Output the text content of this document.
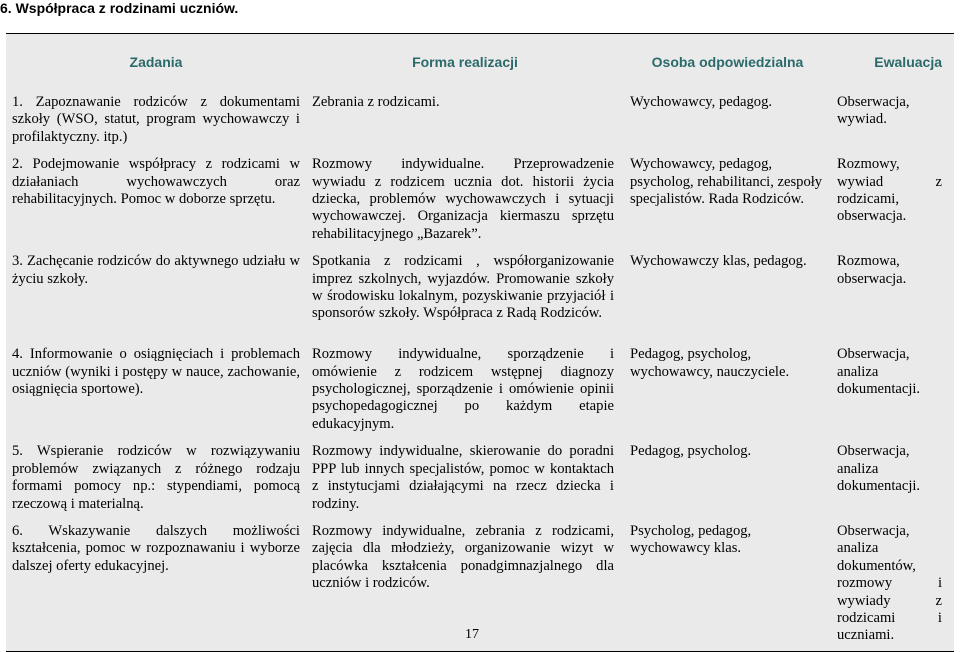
6. Współpraca z rodzinami uczniów.
Zadania	Forma realizacji	Osoba odpowiedzialna	Ewaluacja

1. Zapoznawanie rodziców z dokumentami szkoły (WSO, statut, program wychowawczy i profilaktyczny. itp.)	Zebrania z rodzicami.	Wychowawcy, pedagog.	Obserwacja, wywiad.

2. Podejmowanie współpracy z rodzicami w działaniach wychowawczych oraz rehabilitacyjnych. Pomoc w doborze sprzętu.	Rozmowy indywidualne. Przeprowadzenie wywiadu z rodzicem ucznia dot. historii życia dziecka, problemów wychowawczych i sytuacji wychowawczej. Organizacja kiermaszu sprzętu rehabilitacyjnego „Bazarek”.	Wychowawcy, pedagog, psycholog, rehabilitanci, zespoły specjalistów. Rada Rodziców.	Rozmowy, wywiad z rodzicami, obserwacja.

3. Zachęcanie rodziców do aktywnego udziału w życiu szkoły.	Spotkania z rodzicami , współorganizowanie imprez szkolnych, wyjazdów. Promowanie szkoły w środowisku lokalnym, pozyskiwanie przyjaciół i sponsorów szkoły. Współpraca z Radą Rodziców.	Wychowawczy klas, pedagog.	Rozmowa, obserwacja.

4. Informowanie o osiągnięciach i problemach uczniów (wyniki i postępy w nauce, zachowanie, osiągnięcia sportowe).	Rozmowy indywidualne, sporządzenie i omówienie z rodzicem wstępnej diagnozy psychologicznej, sporządzenie i omówienie opinii psychopedagogicznej po każdym etapie edukacyjnym.	Pedagog, psycholog, wychowawcy, nauczyciele.	Obserwacja, analiza dokumentacji.

5. Wspieranie rodziców w rozwiązywaniu problemów związanych z różnego rodzaju formami pomocy np.: stypendiami, pomocą rzeczową i materialną.	Rozmowy indywidualne, skierowanie do poradni PPP lub innych specjalistów, pomoc w kontaktach z instytucjami działającymi na rzecz dziecka i rodziny.	Pedagog, psycholog.	Obserwacja, analiza dokumentacji.

6. Wskazywanie dalszych możliwości kształcenia, pomoc w rozpoznawaniu i wyborze dalszej oferty edukacyjnej.	Rozmowy indywidualne, zebrania z rodzicami, zajęcia dla młodzieży, organizowanie wizyt w placówka kształcenia ponadgimnazjalnego dla uczniów i rodziców.	Psycholog, pedagog, wychowawcy klas.	Obserwacja, analiza dokumentów, rozmowy i wywiady z rodzicami i uczniami.
17
